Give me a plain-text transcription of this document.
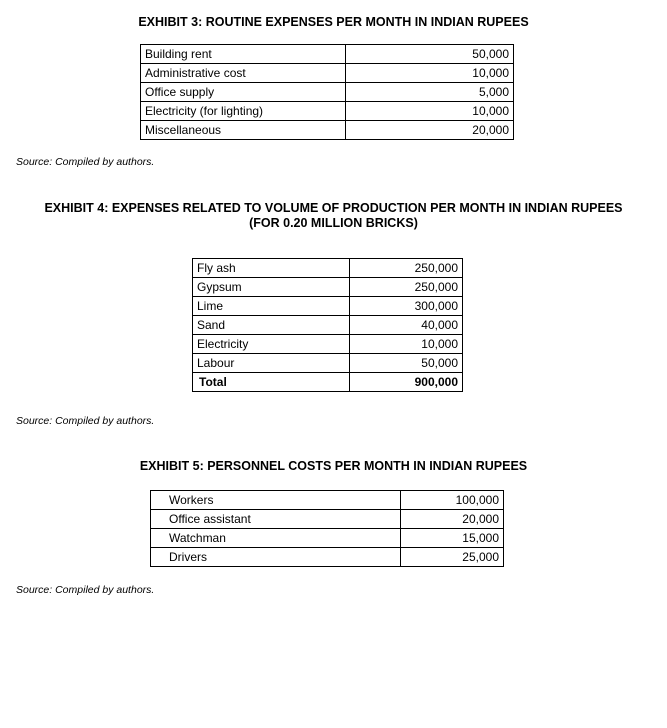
EXHIBIT 3: ROUTINE EXPENSES PER MONTH IN INDIAN RUPEES
Building rent	50,000
Administrative cost	10,000
Office supply	5,000
Electricity (for lighting)	10,000
Miscellaneous	20,000
Source: Compiled by authors.
EXHIBIT 4: EXPENSES RELATED TO VOLUME OF PRODUCTION PER MONTH IN INDIAN RUPEES
(FOR 0.20 MILLION BRICKS)
Fly ash	250,000
Gypsum	250,000
Lime	300,000
Sand	40,000
Electricity	10,000
Labour	50,000
Total	900,000
Source: Compiled by authors.
EXHIBIT 5: PERSONNEL COSTS PER MONTH IN INDIAN RUPEES
Workers	100,000
Office assistant	20,000
Watchman	15,000
Drivers	25,000
Source: Compiled by authors.
